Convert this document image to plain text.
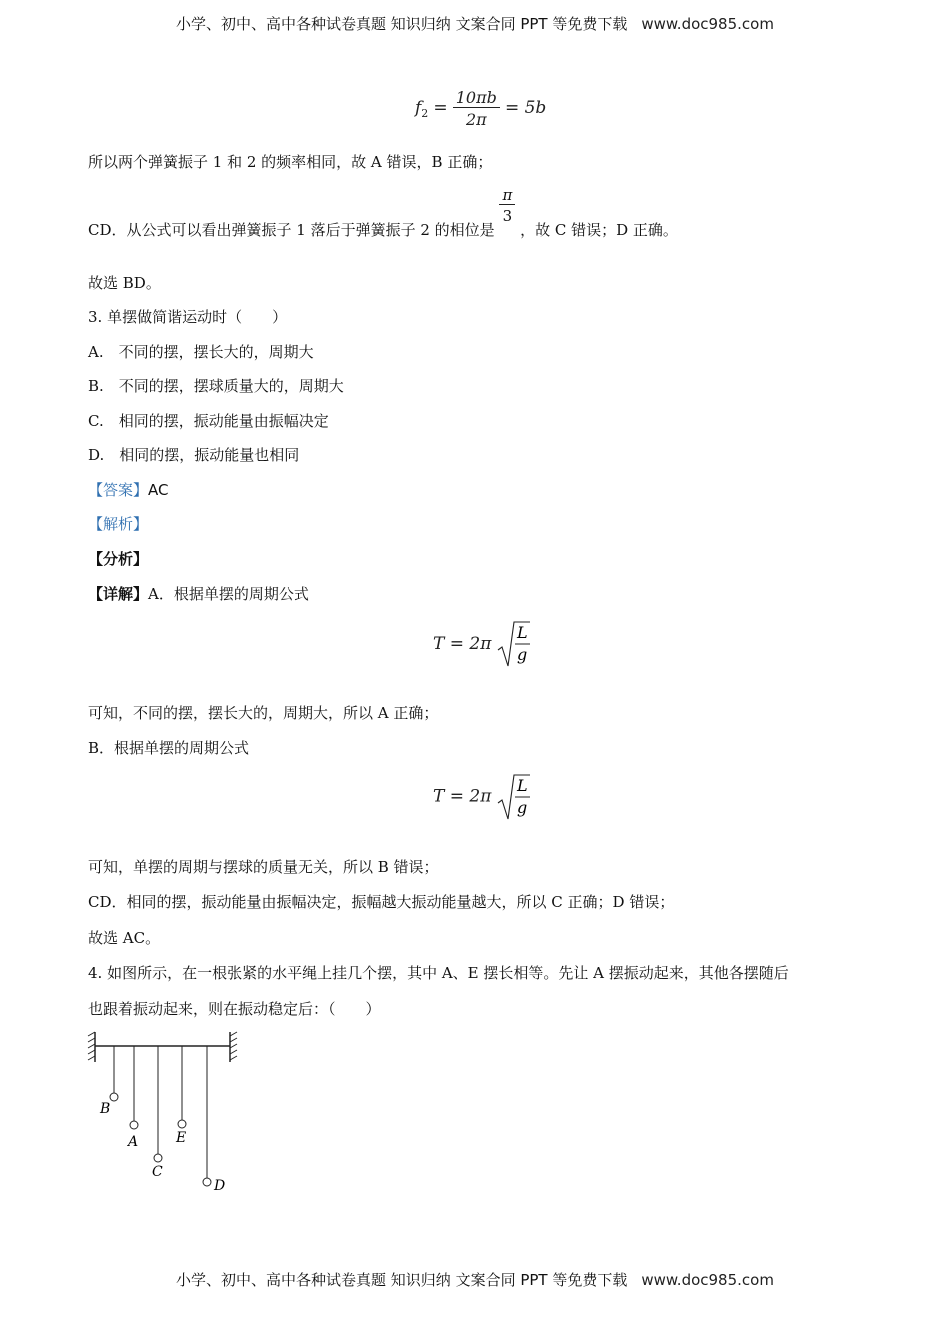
小学、初中、高中各种试卷真题 知识归纳 文案合同 PPT 等免费下载 www.doc985.com
$f_2 = \frac{10\pi b}{2\pi} = 5b$
所以两个弹簧振子 1 和 2 的频率相同，故 A 错误，B 正确；
CD．从公式可以看出弹簧振子 1 落后于弹簧振子 2 的相位是
$\frac{\pi}{3}$
，故 C 错误；D 正确。
故选 BD。
3. 单摆做简谐运动时（　　）
A.　不同的摆，摆长大的，周期大
B.　不同的摆，摆球质量大的，周期大
C.　相同的摆，振动能量由振幅决定
D.　相同的摆，振动能量也相同
【答案】AC
【解析】
【分析】
【详解】A．根据单摆的周期公式
T = 2π
L
g
可知，不同的摆，摆长大的，周期大，所以 A 正确；
B．根据单摆的周期公式
T = 2π
L
g
可知，单摆的周期与摆球的质量无关，所以 B 错误；
CD．相同的摆，振动能量由振幅决定，振幅越大振动能量越大，所以 C 正确；D 错误；
故选 AC。
4. 如图所示，在一根张紧的水平绳上挂几个摆，其中 A、E 摆长相等。先让 A 摆振动起来，其他各摆随后
也跟着振动起来，则在振动稳定后：（　　）
B
A
C
E
D
小学、初中、高中各种试卷真题 知识归纳 文案合同 PPT 等免费下载 www.doc985.com
